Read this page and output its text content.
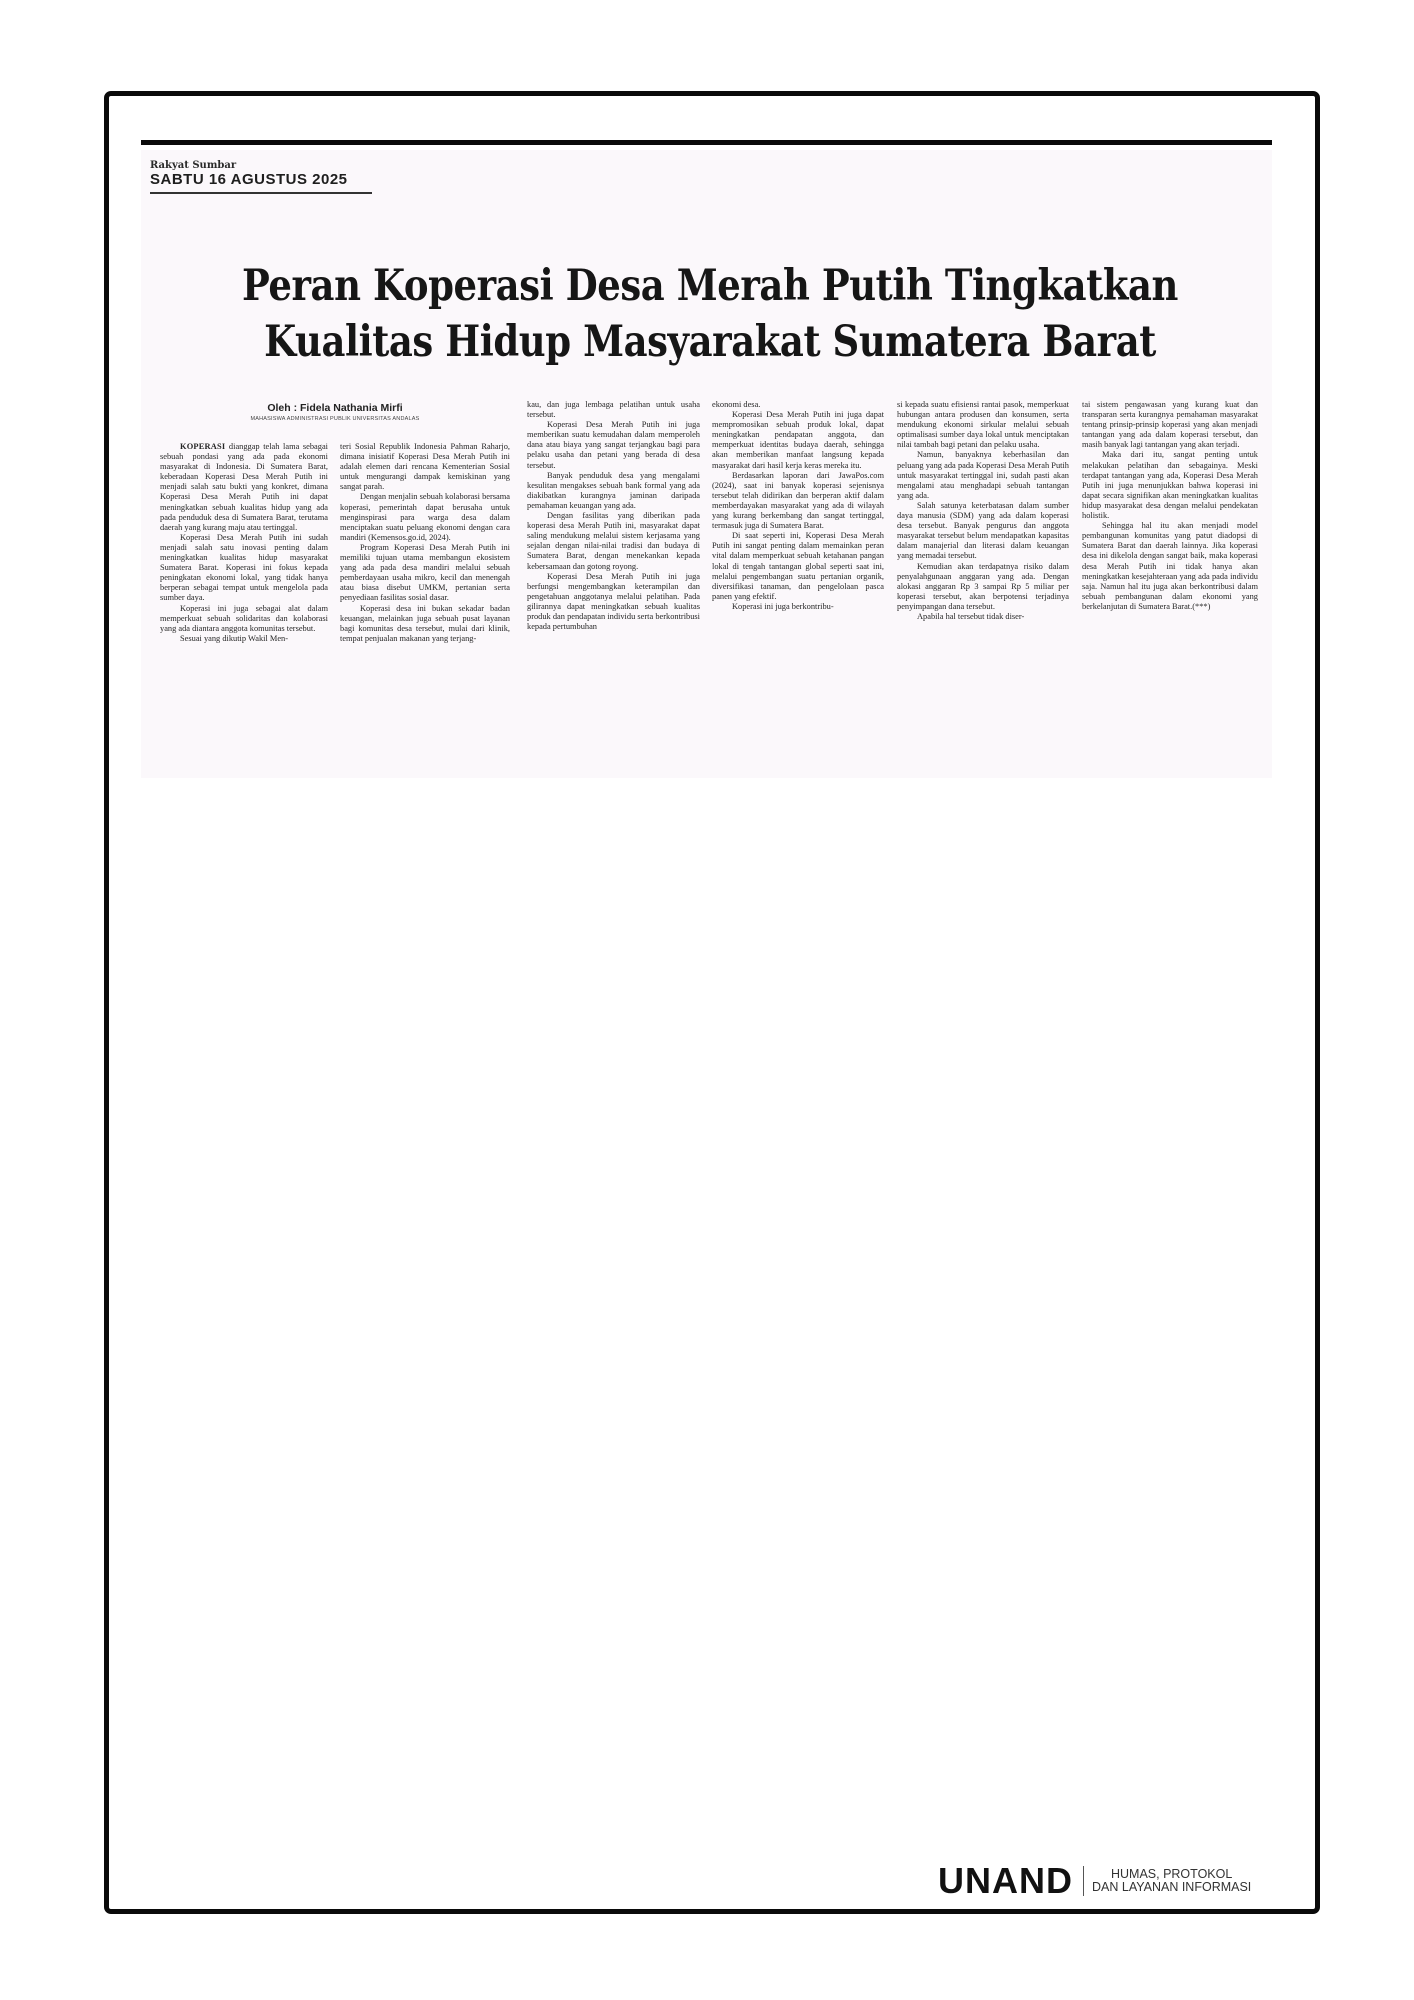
Rakyat Sumbar
SABTU 16 AGUSTUS 2025
Peran Koperasi Desa Merah Putih Tingkatkan
Kualitas Hidup Masyarakat Sumatera Barat
Oleh : Fidela Nathania Mirfi
MAHASISWA ADMINISTRASI PUBLIK UNIVERSITAS ANDALAS

KOPERASI dianggap telah lama sebagai sebuah pondasi yang ada pada ekonomi masyarakat di Indonesia. Di Sumatera Barat, keberadaan Koperasi Desa Merah Putih ini menjadi salah satu bukti yang konkret, dimana Koperasi Desa Merah Putih ini dapat meningkatkan sebuah kualitas hidup yang ada pada penduduk desa di Sumatera Barat, terutama daerah yang kurang maju atau tertinggal.

Koperasi Desa Merah Putih ini sudah menjadi salah satu inovasi penting dalam meningkatkan kualitas hidup masyarakat Sumatera Barat. Koperasi ini fokus kepada peningkatan ekonomi lokal, yang tidak hanya berperan sebagai tempat untuk mengelola pada sumber daya.

Koperasi ini juga sebagai alat dalam memperkuat sebuah solidaritas dan kolaborasi yang ada diantara anggota komunitas tersebut.

Sesuai yang dikutip Wakil Men-

teri Sosial Republik Indonesia Pahman Raharjo, dimana inisiatif Koperasi Desa Merah Putih ini adalah elemen dari rencana Kementerian Sosial untuk mengurangi dampak kemiskinan yang sangat parah.

Dengan menjalin sebuah kolaborasi bersama koperasi, pemerintah dapat berusaha untuk menginspirasi para warga desa dalam menciptakan suatu peluang ekonomi dengan cara mandiri (Kemensos.go.id, 2024).

Program Koperasi Desa Merah Putih ini memiliki tujuan utama membangun ekosistem yang ada pada desa mandiri melalui sebuah pemberdayaan usaha mikro, kecil dan menengah atau biasa disebut UMKM, pertanian serta penyediaan fasilitas sosial dasar.

Koperasi desa ini bukan sekadar badan keuangan, melainkan juga sebuah pusat layanan bagi komunitas desa tersebut, mulai dari klinik, tempat penjualan makanan yang terjang-

kau, dan juga lembaga pelatihan untuk usaha tersebut.

Koperasi Desa Merah Putih ini juga memberikan suatu kemudahan dalam memperoleh dana atau biaya yang sangat terjangkau bagi para pelaku usaha dan petani yang berada di desa tersebut.

Banyak penduduk desa yang mengalami kesulitan mengakses sebuah bank formal yang ada diakibatkan kurangnya jaminan daripada pemahaman keuangan yang ada.

Dengan fasilitas yang diberikan pada koperasi desa Merah Putih ini, masyarakat dapat saling mendukung melalui sistem kerjasama yang sejalan dengan nilai-nilai tradisi dan budaya di Sumatera Barat, dengan menekankan kepada kebersamaan dan gotong royong.

Koperasi Desa Merah Putih ini juga berfungsi mengembangkan keterampilan dan pengetahuan anggotanya melalui pelatihan. Pada gilirannya dapat meningkatkan sebuah kualitas produk dan pendapatan individu serta berkontribusi kepada pertumbuhan

ekonomi desa.

Koperasi Desa Merah Putih ini juga dapat mempromosikan sebuah produk lokal, dapat meningkatkan pendapatan anggota, dan memperkuat identitas budaya daerah, sehingga akan memberikan manfaat langsung kepada masyarakat dari hasil kerja keras mereka itu.

Berdasarkan laporan dari JawaPos.com (2024), saat ini banyak koperasi sejenisnya tersebut telah didirikan dan berperan aktif dalam memberdayakan masyarakat yang ada di wilayah yang kurang berkembang dan sangat tertinggal, termasuk juga di Sumatera Barat.

Di saat seperti ini, Koperasi Desa Merah Putih ini sangat penting dalam memainkan peran vital dalam memperkuat sebuah ketahanan pangan lokal di tengah tantangan global seperti saat ini, melalui pengembangan suatu pertanian organik, diversifikasi tanaman, dan pengelolaan pasca panen yang efektif.

Koperasi ini juga berkontribu-

si kepada suatu efisiensi rantai pasok, memperkuat hubungan antara produsen dan konsumen, serta mendukung ekonomi sirkular melalui sebuah optimalisasi sumber daya lokal untuk menciptakan nilai tambah bagi petani dan pelaku usaha.

Namun, banyaknya keberhasilan dan peluang yang ada pada Koperasi Desa Merah Putih untuk masyarakat tertinggal ini, sudah pasti akan mengalami atau menghadapi sebuah tantangan yang ada.

Salah satunya keterbatasan dalam sumber daya manusia (SDM) yang ada dalam koperasi desa tersebut. Banyak pengurus dan anggota masyarakat tersebut belum mendapatkan kapasitas dalam manajerial dan literasi dalam keuangan yang memadai tersebut.

Kemudian akan terdapatnya risiko dalam penyalahgunaan anggaran yang ada. Dengan alokasi anggaran Rp 3 sampai Rp 5 miliar per koperasi tersebut, akan berpotensi terjadinya penyimpangan dana tersebut.

Apabila hal tersebut tidak diser-

tai sistem pengawasan yang kurang kuat dan transparan serta kurangnya pemahaman masyarakat tentang prinsip-prinsip koperasi yang akan menjadi tantangan yang ada dalam koperasi tersebut, dan masih banyak lagi tantangan yang akan terjadi.

Maka dari itu, sangat penting untuk melakukan pelatihan dan sebagainya. Meski terdapat tantangan yang ada, Koperasi Desa Merah Putih ini juga menunjukkan bahwa koperasi ini dapat secara signifikan akan meningkatkan kualitas hidup masyarakat desa dengan melalui pendekatan holistik.

Sehingga hal itu akan menjadi model pembangunan komunitas yang patut diadopsi di Sumatera Barat dan daerah lainnya. Jika koperasi desa ini dikelola dengan sangat baik, maka koperasi desa Merah Putih ini tidak hanya akan meningkatkan kesejahteraan yang ada pada individu saja. Namun hal itu juga akan berkontribusi dalam sebuah pembangunan dalam ekonomi yang berkelanjutan di Sumatera Barat.(***)

UNAND	HUMAS, PROTOKOL
DAN LAYANAN INFORMASI
